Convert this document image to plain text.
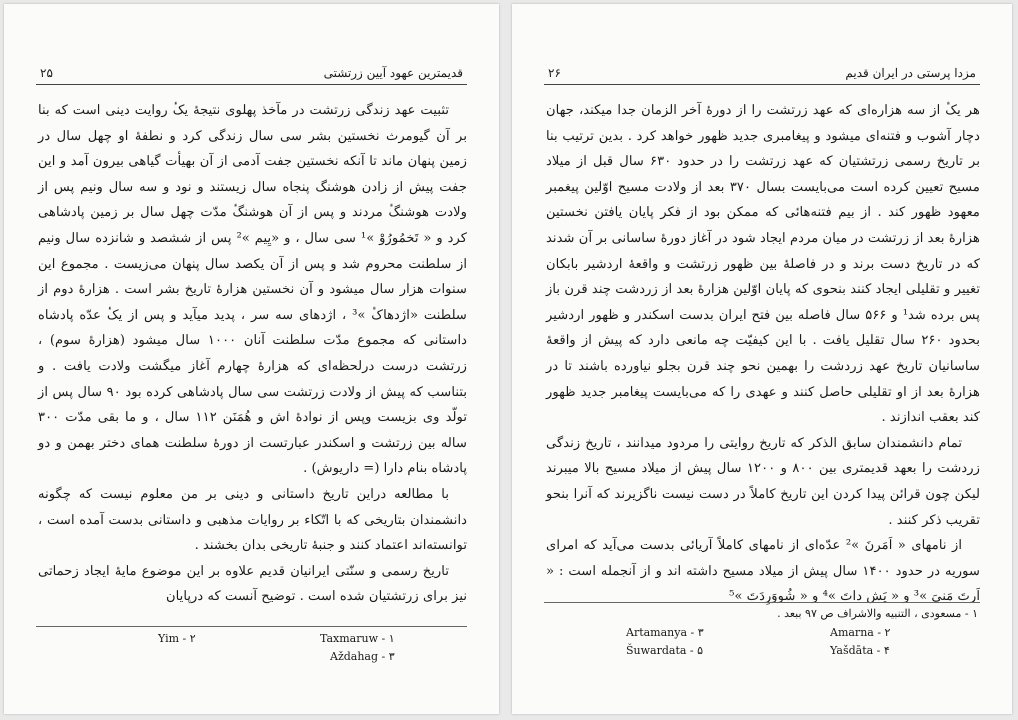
قدیمترین عهود آیین زرتشتی
۲۵

تثبیت عهد زندگی زرتشت در مآخذ پهلوی نتیجهٔ یکٔ روایت دینی است که بنا بر آن گیومرث نخستین بشر سی سال زندگی کرد و نطفهٔ او چهل سال در زمین پنهان ماند تا آنکه نخستین جفت آدمی از آن بهیأت گیاهی بیرون آمد و این جفت پیش از زادن هوشنگ پنجاه سال زیستند و نود و سه سال ونیم پس از ولادت هوشنگٔ مردند و پس از آن هوشنگٔ مدّت چهل سال بر زمین پادشاهی کرد و « تَخمُورُوْ »¹ سی سال ، و «یِیم »² پس از ششصد و شانزده سال ونیم از سلطنت محروم شد و پس از آن یکصد سال پنهان می‌زیست . مجموع این سنوات هزار سال میشود و آن نخستین هزارهٔ تاریخ بشر است . هزارهٔ دوم از سلطنت «اژدهاکٔ »³ ، اژدهای سه سر ، پدید میآید و پس از یکٔ عدّه پادشاه داستانی که مجموع مدّت سلطنت آنان ۱۰۰۰ سال میشود (هزارهٔ سوم) ، زرتشت درست درلحظه‌ای که هزارهٔ چهارم آغاز میگشت ولادت یافت . و بتناسب که پیش از ولادت زرتشت سی سال پادشاهی کرده بود ۹۰ سال پس از تولّد وی بزیست وپس از نوادهٔ اش و هُمَنَن ۱۱۲ سال ، و ما بقی مدّت ۳۰۰ ساله بین زرتشت و اسکندر عبارتست از دورهٔ سلطنت همای دختر بهمن و دو پادشاه بنام دارا (= داریوش) .

با مطالعه دراین تاریخ داستانی و دینی بر من معلوم نیست که چگونه دانشمندان بتاریخی که با اتّکاء بر روایات مذهبی و داستانی بدست آمده است ، توانسته‌اند اعتماد کنند و جنبهٔ تاریخی بدان بخشند .

تاریخ رسمی و سنّتی ایرانیان قدیم علاوه بر این موضوع مایهٔ ایجاد زحماتی نیز برای زرتشتیان شده است . توضیح آنست که درپایان

Yim - ۲	Taxmaruw - ۱
Aždahag - ۳
مزدا پرستی در ایران قدیم
۲۶

هر یکٔ از سه هزاره‌ای که عهد زرتشت را از دورهٔ آخر الزمان جدا میکند، جهان دچار آشوب و فتنه‌ای میشود و پیغامبری جدید ظهور خواهد کرد . بدین ترتیب بنا بر تاریخ رسمی زرتشتیان که عهد زرتشت را در حدود ۶۳۰ سال قبل از میلاد مسیح تعیین کرده است می‌بایست بسال ۳۷۰ بعد از ولادت مسیح اوّلین پیغمبر معهود ظهور کند . از بیم فتنه‌هائی که ممکن بود از فکر پایان یافتن نخستین هزارهٔ بعد از زرتشت در میان مردم ایجاد شود در آغاز دورهٔ ساسانی بر آن شدند که در تاریخ دست برند و در فاصلهٔ بین ظهور زرتشت و واقعهٔ اردشیر بابکان تغییر و تقلیلی ایجاد کنند بنحوی که پایان اوّلین هزارهٔ بعد از زردشت چند قرن باز پس برده شد¹ و ۵۶۶ سال فاصله بین فتح ایران بدست اسکندر و ظهور اردشیر بحدود ۲۶۰ سال تقلیل یافت . با این کیفیّت چه مانعی دارد که پیش از واقعهٔ ساسانیان تاریخ عهد زردشت را بهمین نحو چند قرن بجلو نیاورده باشند تا در هزارهٔ بعد از او تقلیلی حاصل کنند و عهدی را که می‌بایست پیغامبر جدید ظهور کند بعقب اندازند .

تمام دانشمندان سابق الذکر که تاریخ روایتی را مردود میدانند ، تاریخ زندگی زردشت را بعهد قدیمتری بین ۸۰۰ و ۱۲۰۰ سال پیش از میلاد مسیح بالا میبرند لیکن چون قرائن پیدا کردن این تاریخ کاملاً در دست نیست ناگزیرند که آنرا بنحو تقریب ذکر کنند .

از نامهای « اَمَرنَ »² عدّه‌ای از نامهای کاملاً آریائی بدست می‌آید که امرای سوریه در حدود ۱۴۰۰ سال پیش از میلاد مسیح داشته اند و از آنجمله است : « اَرتَ مَنیَ »³ و « یَش داتَ »⁴ و « شُووَرِدَتَ »⁵

۱ - مسعودی ، التنبیه والاشراف ص ۹۷ ببعد .
Artamanya - ۳	Amarna - ۲
Šuwardata - ۵	Yašdāta - ۴
